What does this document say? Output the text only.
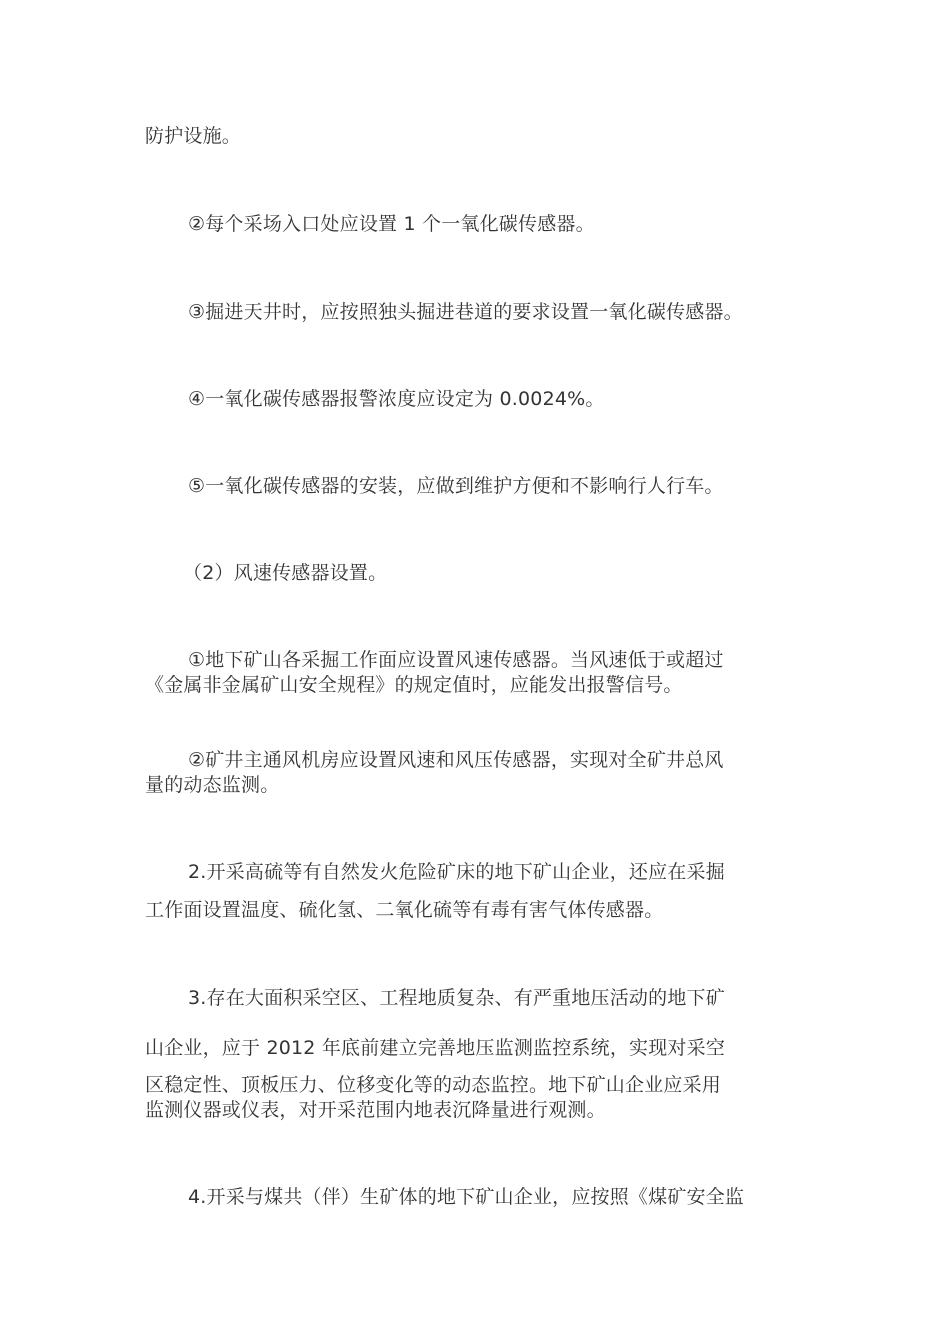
防护设施。
②每个采场入口处应设置 1 个一氧化碳传感器。
③掘进天井时，应按照独头掘进巷道的要求设置一氧化碳传感器。
④一氧化碳传感器报警浓度应设定为 0.0024%。
⑤一氧化碳传感器的安装，应做到维护方便和不影响行人行车。
（2）风速传感器设置。
①地下矿山各采掘工作面应设置风速传感器。当风速低于或超过
《金属非金属矿山安全规程》的规定值时，应能发出报警信号。
②矿井主通风机房应设置风速和风压传感器，实现对全矿井总风
量的动态监测。
2.开采高硫等有自然发火危险矿床的地下矿山企业，还应在采掘
工作面设置温度、硫化氢、二氧化硫等有毒有害气体传感器。
3.存在大面积采空区、工程地质复杂、有严重地压活动的地下矿
山企业，应于 2012 年底前建立完善地压监测监控系统，实现对采空
区稳定性、顶板压力、位移变化等的动态监控。地下矿山企业应采用
监测仪器或仪表，对开采范围内地表沉降量进行观测。
4.开采与煤共（伴）生矿体的地下矿山企业，应按照《煤矿安全监
